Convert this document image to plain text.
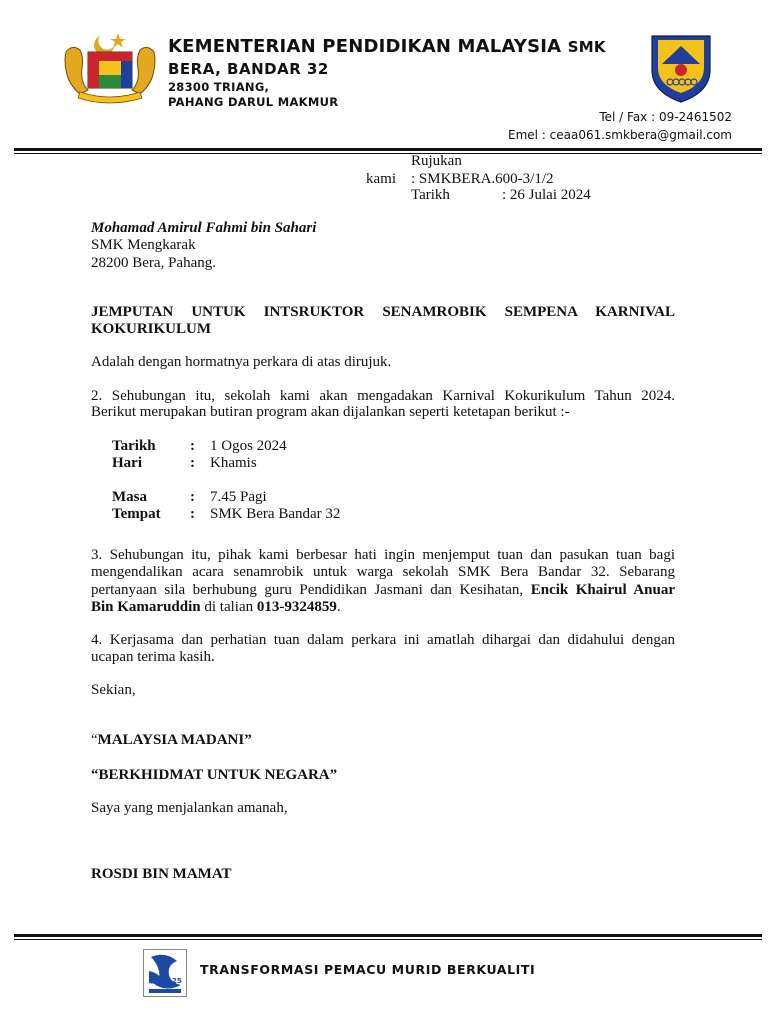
KEMENTERIAN PENDIDIKAN MALAYSIA SMK
BERA, BANDAR 32
28300 TRIANG,
PAHANG DARUL MAKMUR
Tel / Fax : 09-2461502
Emel : ceaa061.smkbera@gmail.com
Rujukan
kami : SMKBERA.600-3/1/2
Tarikh	: 26 Julai 2024
Mohamad Amirul Fahmi bin Sahari
SMK Mengkarak
28200 Bera, Pahang.
JEMPUTAN UNTUK INTSRUKTOR SENAMROBIK SEMPENA KARNIVAL
KOKURIKULUM
Adalah dengan hormatnya perkara di atas dirujuk.
2. Sehubungan itu, sekolah kami akan mengadakan Karnival Kokurikulum Tahun 2024.
Berikut merupakan butiran program akan dijalankan seperti ketetapan berikut :-
Tarikh : 1 Ogos 2024
Hari	: Khamis
Masa	: 7.45 Pagi
Tempat : SMK Bera Bandar 32
3. Sehubungan itu, pihak kami berbesar hati ingin menjemput tuan dan pasukan tuan bagi
mengendalikan acara senamrobik untuk warga sekolah SMK Bera Bandar 32. Sebarang
pertanyaan sila berhubung guru Pendidikan Jasmani dan Kesihatan, Encik Khairul Anuar
Bin Kamaruddin di talian 013-9324859.
4. Kerjasama dan perhatian tuan dalam perkara ini amatlah dihargai dan didahului dengan
ucapan terima kasih.
Sekian,
“MALAYSIA MADANI”
“BERKHIDMAT UNTUK NEGARA”
Saya yang menjalankan amanah,
ROSDI BIN MAMAT
25
TRANSFORMASI PEMACU MURID BERKUALITI
